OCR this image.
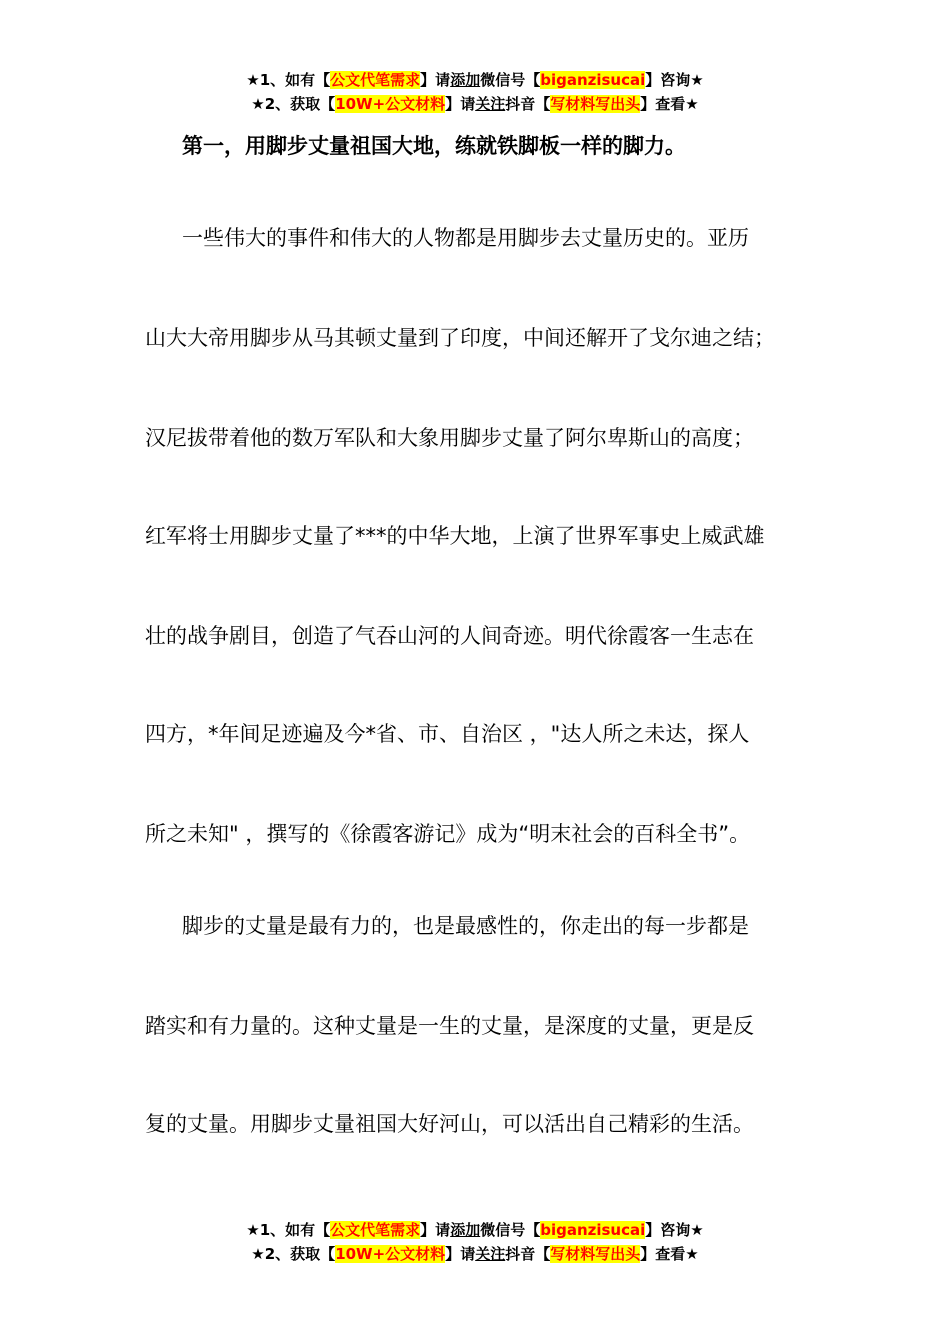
★1、如有【公文代笔需求】请添加微信号【biganzisucai】咨询★
★2、获取【10W+公文材料】请关注抖音【写材料写出头】查看★
第一，用脚步丈量祖国大地，练就铁脚板一样的脚力。
一些伟大的事件和伟大的人物都是用脚步去丈量历史的。亚历
山大大帝用脚步从马其顿丈量到了印度，中间还解开了戈尔迪之结；
汉尼拔带着他的数万军队和大象用脚步丈量了阿尔卑斯山的高度；
红军将士用脚步丈量了***的中华大地，上演了世界军事史上威武雄
壮的战争剧目，创造了气吞山河的人间奇迹。明代徐霞客一生志在
四方，*年间足迹遍及今*省、市、自治区 ，"达人所之未达，探人
所之未知" ，撰写的《徐霞客游记》成为“明末社会的百科全书”。
脚步的丈量是最有力的，也是最感性的，你走出的每一步都是
踏实和有力量的。这种丈量是一生的丈量，是深度的丈量，更是反
复的丈量。用脚步丈量祖国大好河山，可以活出自己精彩的生活。
★1、如有【公文代笔需求】请添加微信号【biganzisucai】咨询★
★2、获取【10W+公文材料】请关注抖音【写材料写出头】查看★
